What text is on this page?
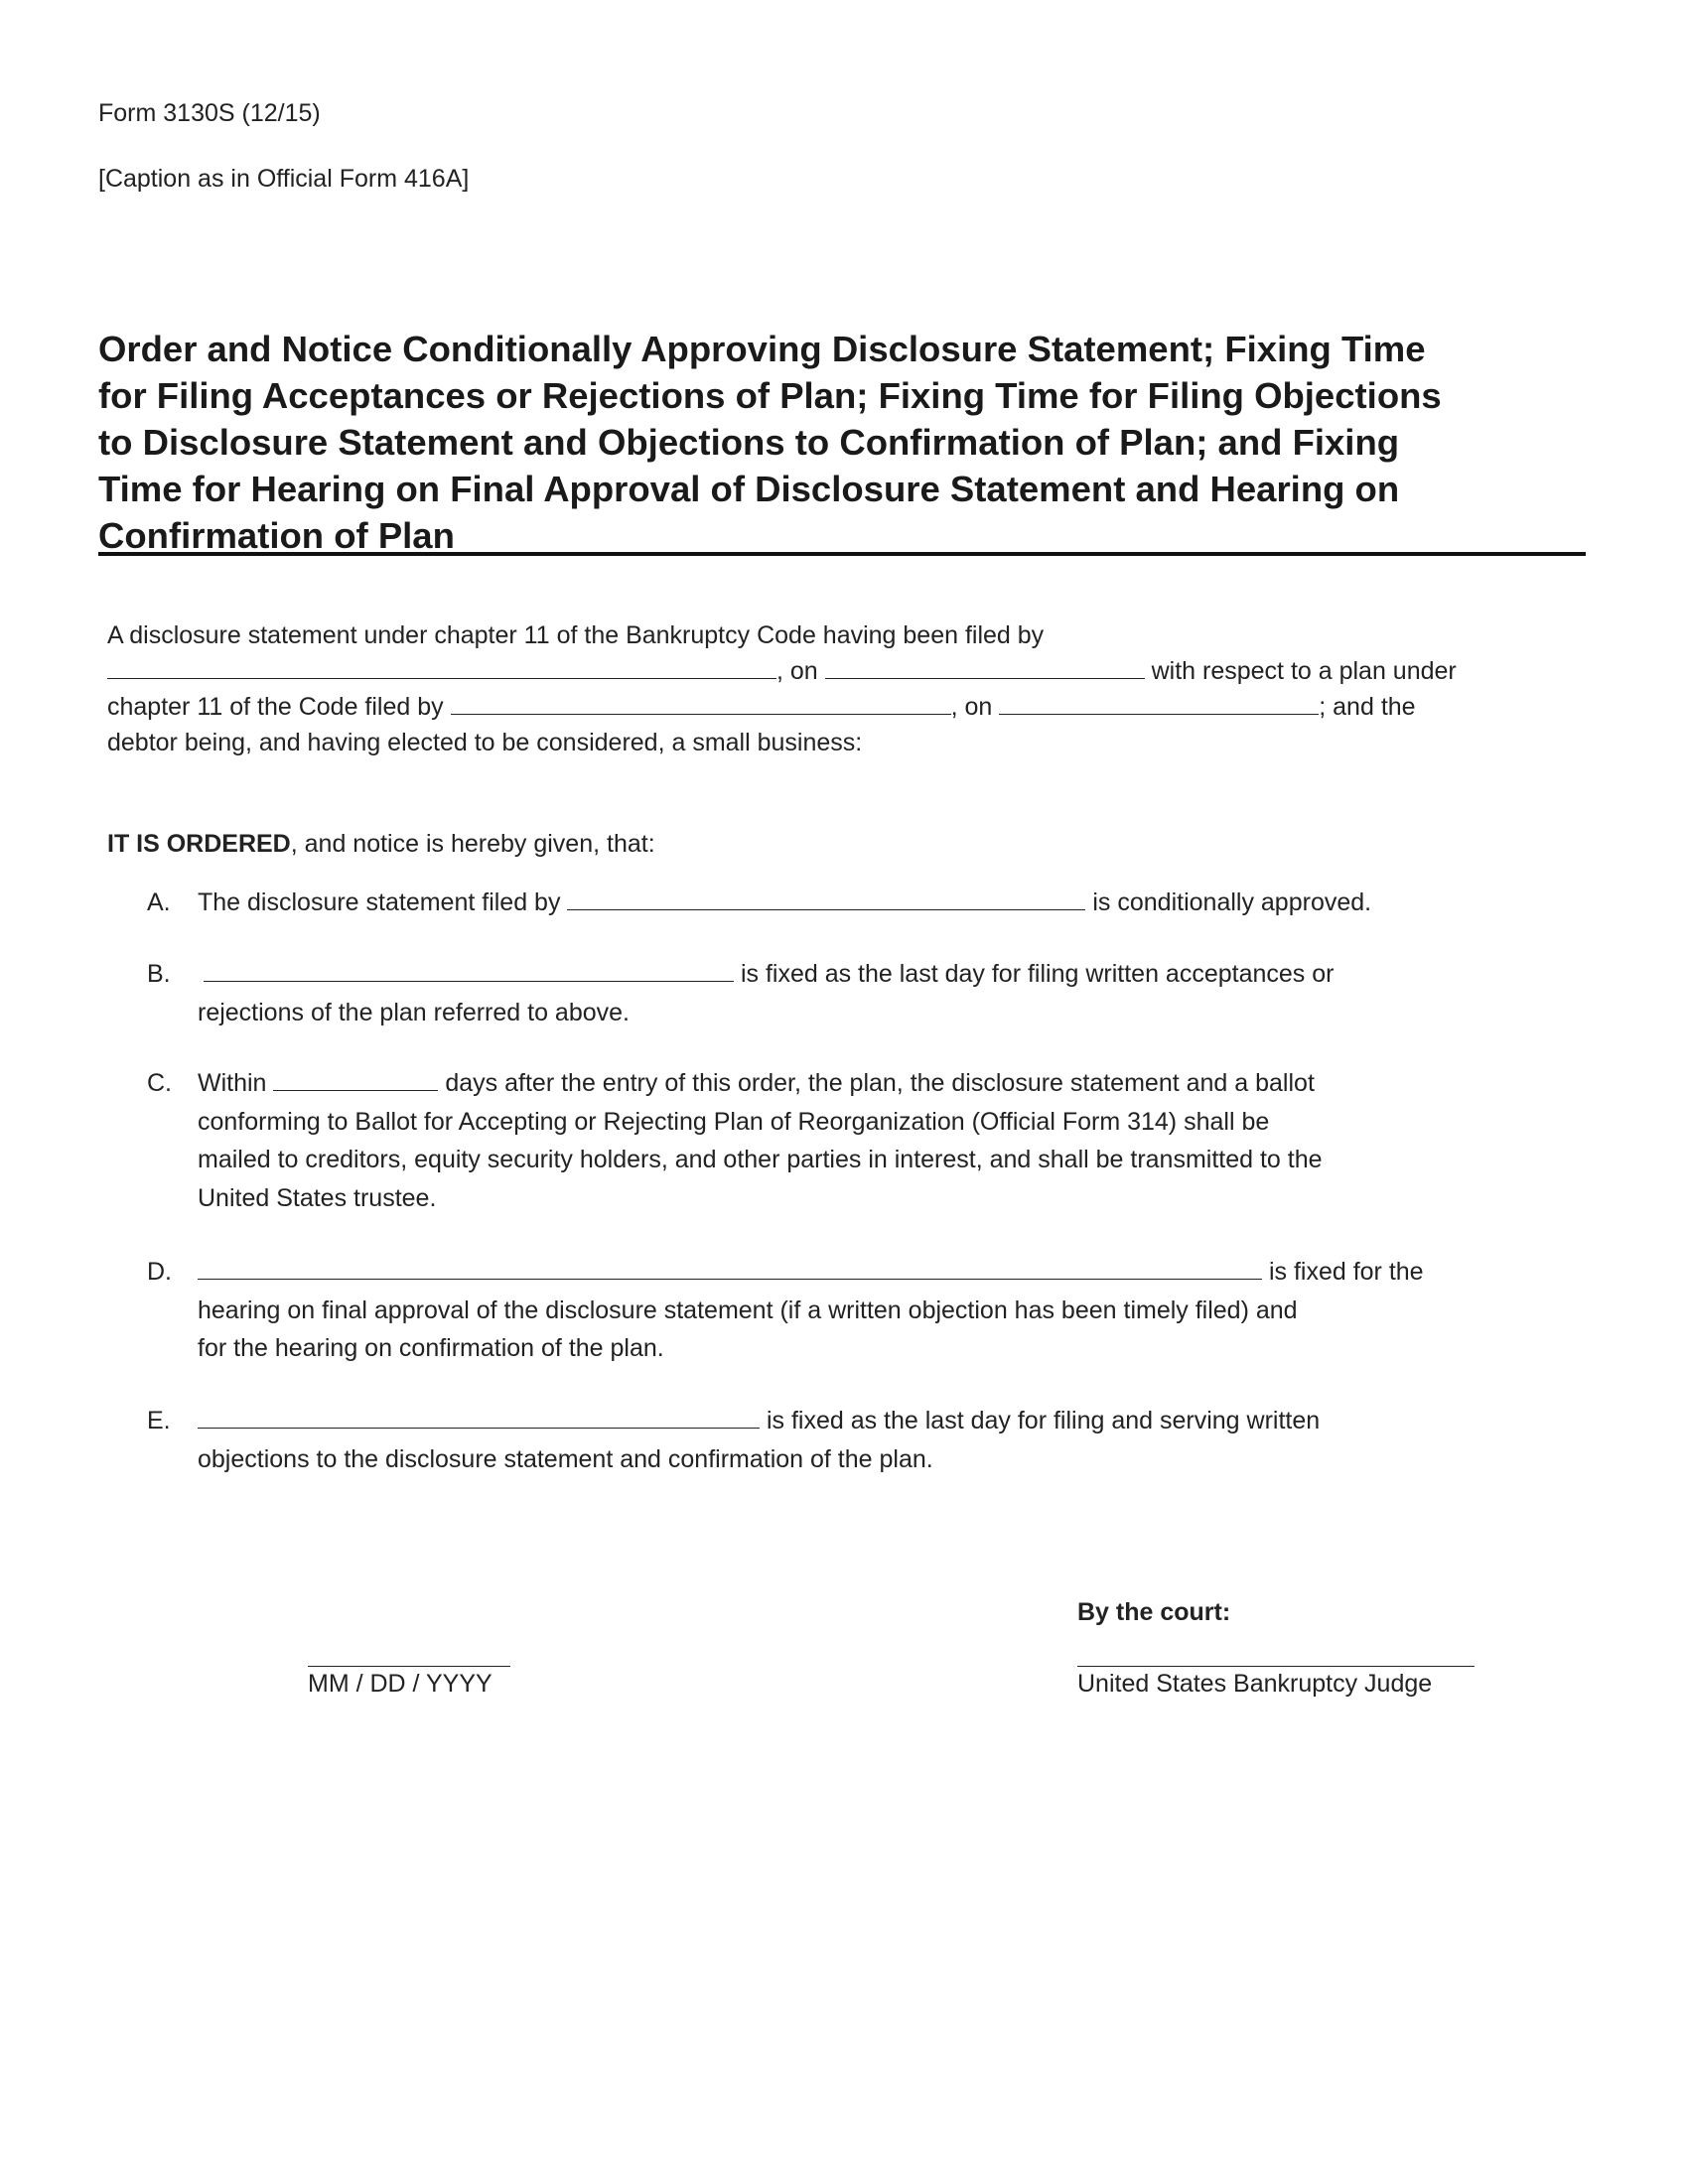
Form 3130S (12/15)
[Caption as in Official Form 416A]
Order and Notice Conditionally Approving Disclosure Statement; Fixing Time
for Filing Acceptances or Rejections of Plan; Fixing Time for Filing Objections
to Disclosure Statement and Objections to Confirmation of Plan; and Fixing
Time for Hearing on Final Approval of Disclosure Statement and Hearing on
Confirmation of Plan
A disclosure statement under chapter 11 of the Bankruptcy Code having been filed by
, on	with respect to a plan under
chapter 11 of the Code filed by	, on	; and the
debtor being, and having elected to be considered, a small business:
IT IS ORDERED, and notice is hereby given, that:
A. The disclosure statement filed by	is conditionally approved.
B.	is fixed as the last day for filing written acceptances or
rejections of the plan referred to above.
C. Within	days after the entry of this order, the plan, the disclosure statement and a ballot
conforming to Ballot for Accepting or Rejecting Plan of Reorganization (Official Form 314) shall be
mailed to creditors, equity security holders, and other parties in interest, and shall be transmitted to the
United States trustee.
D.	is fixed for the
hearing on final approval of the disclosure statement (if a written objection has been timely filed) and
for the hearing on confirmation of the plan.
E.	is fixed as the last day for filing and serving written
objections to the disclosure statement and confirmation of the plan.
By the court:
MM / DD / YYYY	United States Bankruptcy Judge
